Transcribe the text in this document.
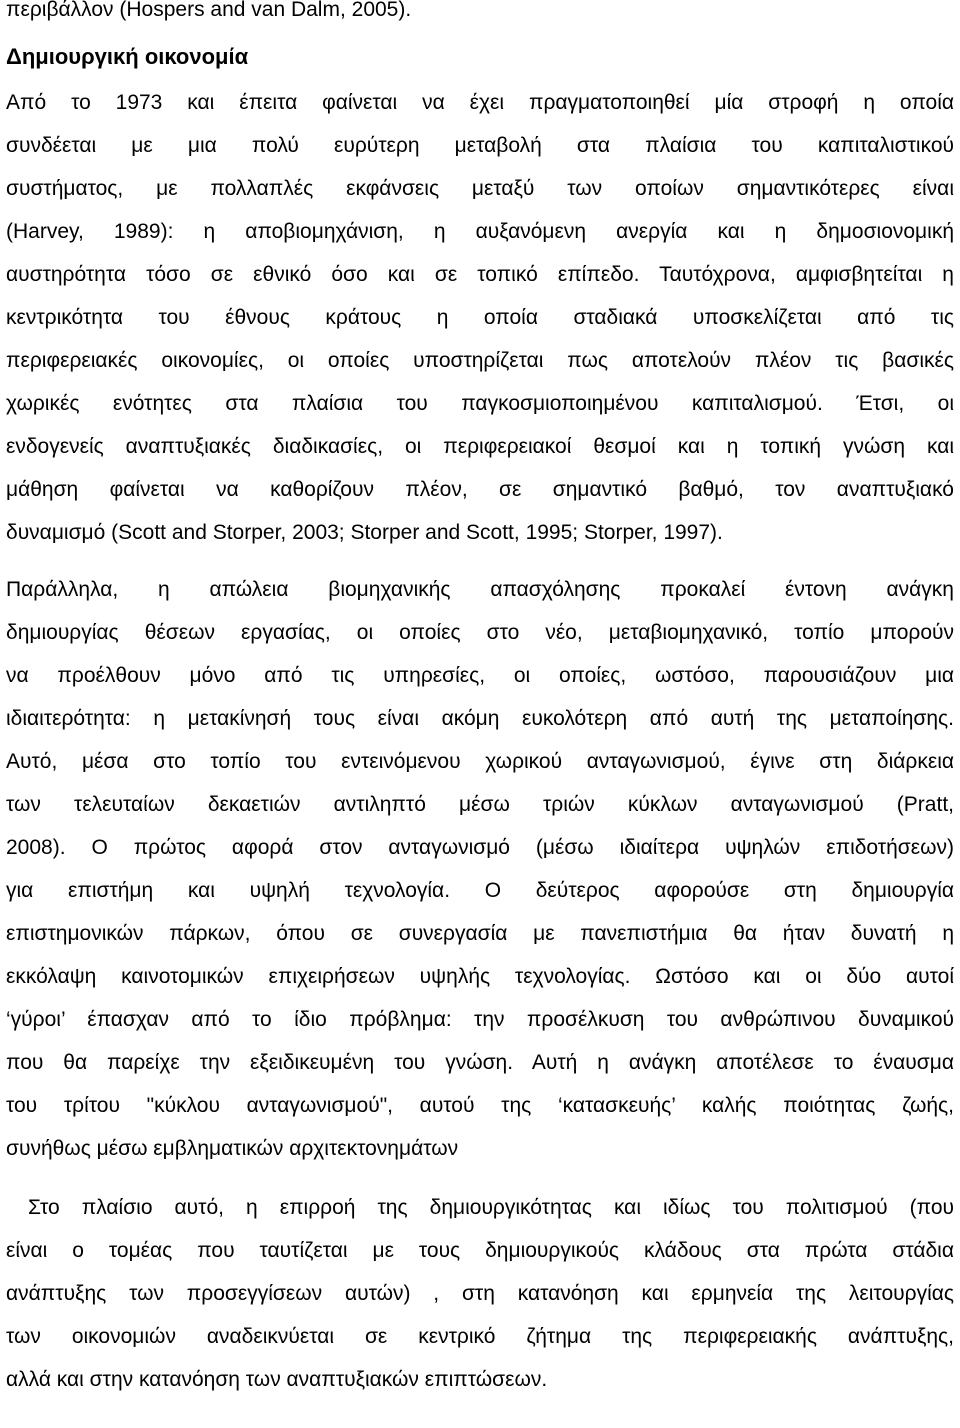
περιβάλλον (Hospers and van Dalm, 2005).
Δημιουργική οικονομία
Από το 1973 και έπειτα φαίνεται να έχει πραγματοποιηθεί μία στροφή η οποία
συνδέεται με μια πολύ ευρύτερη μεταβολή στα πλαίσια του καπιταλιστικού
συστήματος, με πολλαπλές εκφάνσεις μεταξύ των οποίων σημαντικότερες είναι
(Harvey, 1989): η αποβιομηχάνιση, η αυξανόμενη ανεργία και η δημοσιονομική
αυστηρότητα τόσο σε εθνικό όσο και σε τοπικό επίπεδο. Ταυτόχρονα, αμφισβητείται η
κεντρικότητα του έθνους κράτους η οποία σταδιακά υποσκελίζεται από τις
περιφερειακές οικονομίες, οι οποίες υποστηρίζεται πως αποτελούν πλέον τις βασικές
χωρικές ενότητες στα πλαίσια του παγκοσμιοποιημένου καπιταλισμού. Έτσι, οι
ενδογενείς αναπτυξιακές διαδικασίες, οι περιφερειακοί θεσμοί και η τοπική γνώση και
μάθηση φαίνεται να καθορίζουν πλέον, σε σημαντικό βαθμό, τον αναπτυξιακό
δυναμισμό (Scott and Storper, 2003; Storper and Scott, 1995; Storper, 1997).
Παράλληλα, η απώλεια βιομηχανικής απασχόλησης προκαλεί έντονη ανάγκη
δημιουργίας θέσεων εργασίας, οι οποίες στο νέο, μεταβιομηχανικό, τοπίο μπορούν
να προέλθουν μόνο από τις υπηρεσίες, οι οποίες, ωστόσο, παρουσιάζουν μια
ιδιαιτερότητα: η μετακίνησή τους είναι ακόμη ευκολότερη από αυτή της μεταποίησης.
Αυτό, μέσα στο τοπίο του εντεινόμενου χωρικού ανταγωνισμού, έγινε στη διάρκεια
των τελευταίων δεκαετιών αντιληπτό μέσω τριών κύκλων ανταγωνισμού (Pratt,
2008). Ο πρώτος αφορά στον ανταγωνισμό (μέσω ιδιαίτερα υψηλών επιδοτήσεων)
για επιστήμη και υψηλή τεχνολογία. Ο δεύτερος αφορούσε στη δημιουργία
επιστημονικών πάρκων, όπου σε συνεργασία με πανεπιστήμια θα ήταν δυνατή η
εκκόλαψη καινοτομικών επιχειρήσεων υψηλής τεχνολογίας. Ωστόσο και οι δύο αυτοί
‘γύροι’ έπασχαν από το ίδιο πρόβλημα: την προσέλκυση του ανθρώπινου δυναμικού
που θα παρείχε την εξειδικευμένη του γνώση. Αυτή η ανάγκη αποτέλεσε το έναυσμα
του τρίτου "κύκλου ανταγωνισμού", αυτού της ‘κατασκευής’ καλής ποιότητας ζωής,
συνήθως μέσω εμβληματικών αρχιτεκτονημάτων
Στο πλαίσιο αυτό, η επιρροή της δημιουργικότητας και ιδίως του πολιτισμού (που
είναι ο τομέας που ταυτίζεται με τους δημιουργικούς κλάδους στα πρώτα στάδια
ανάπτυξης των προσεγγίσεων αυτών) , στη κατανόηση και ερμηνεία της λειτουργίας
των οικονομιών αναδεικνύεται σε κεντρικό ζήτημα της περιφερειακής ανάπτυξης,
αλλά και στην κατανόηση των αναπτυξιακών επιπτώσεων.
